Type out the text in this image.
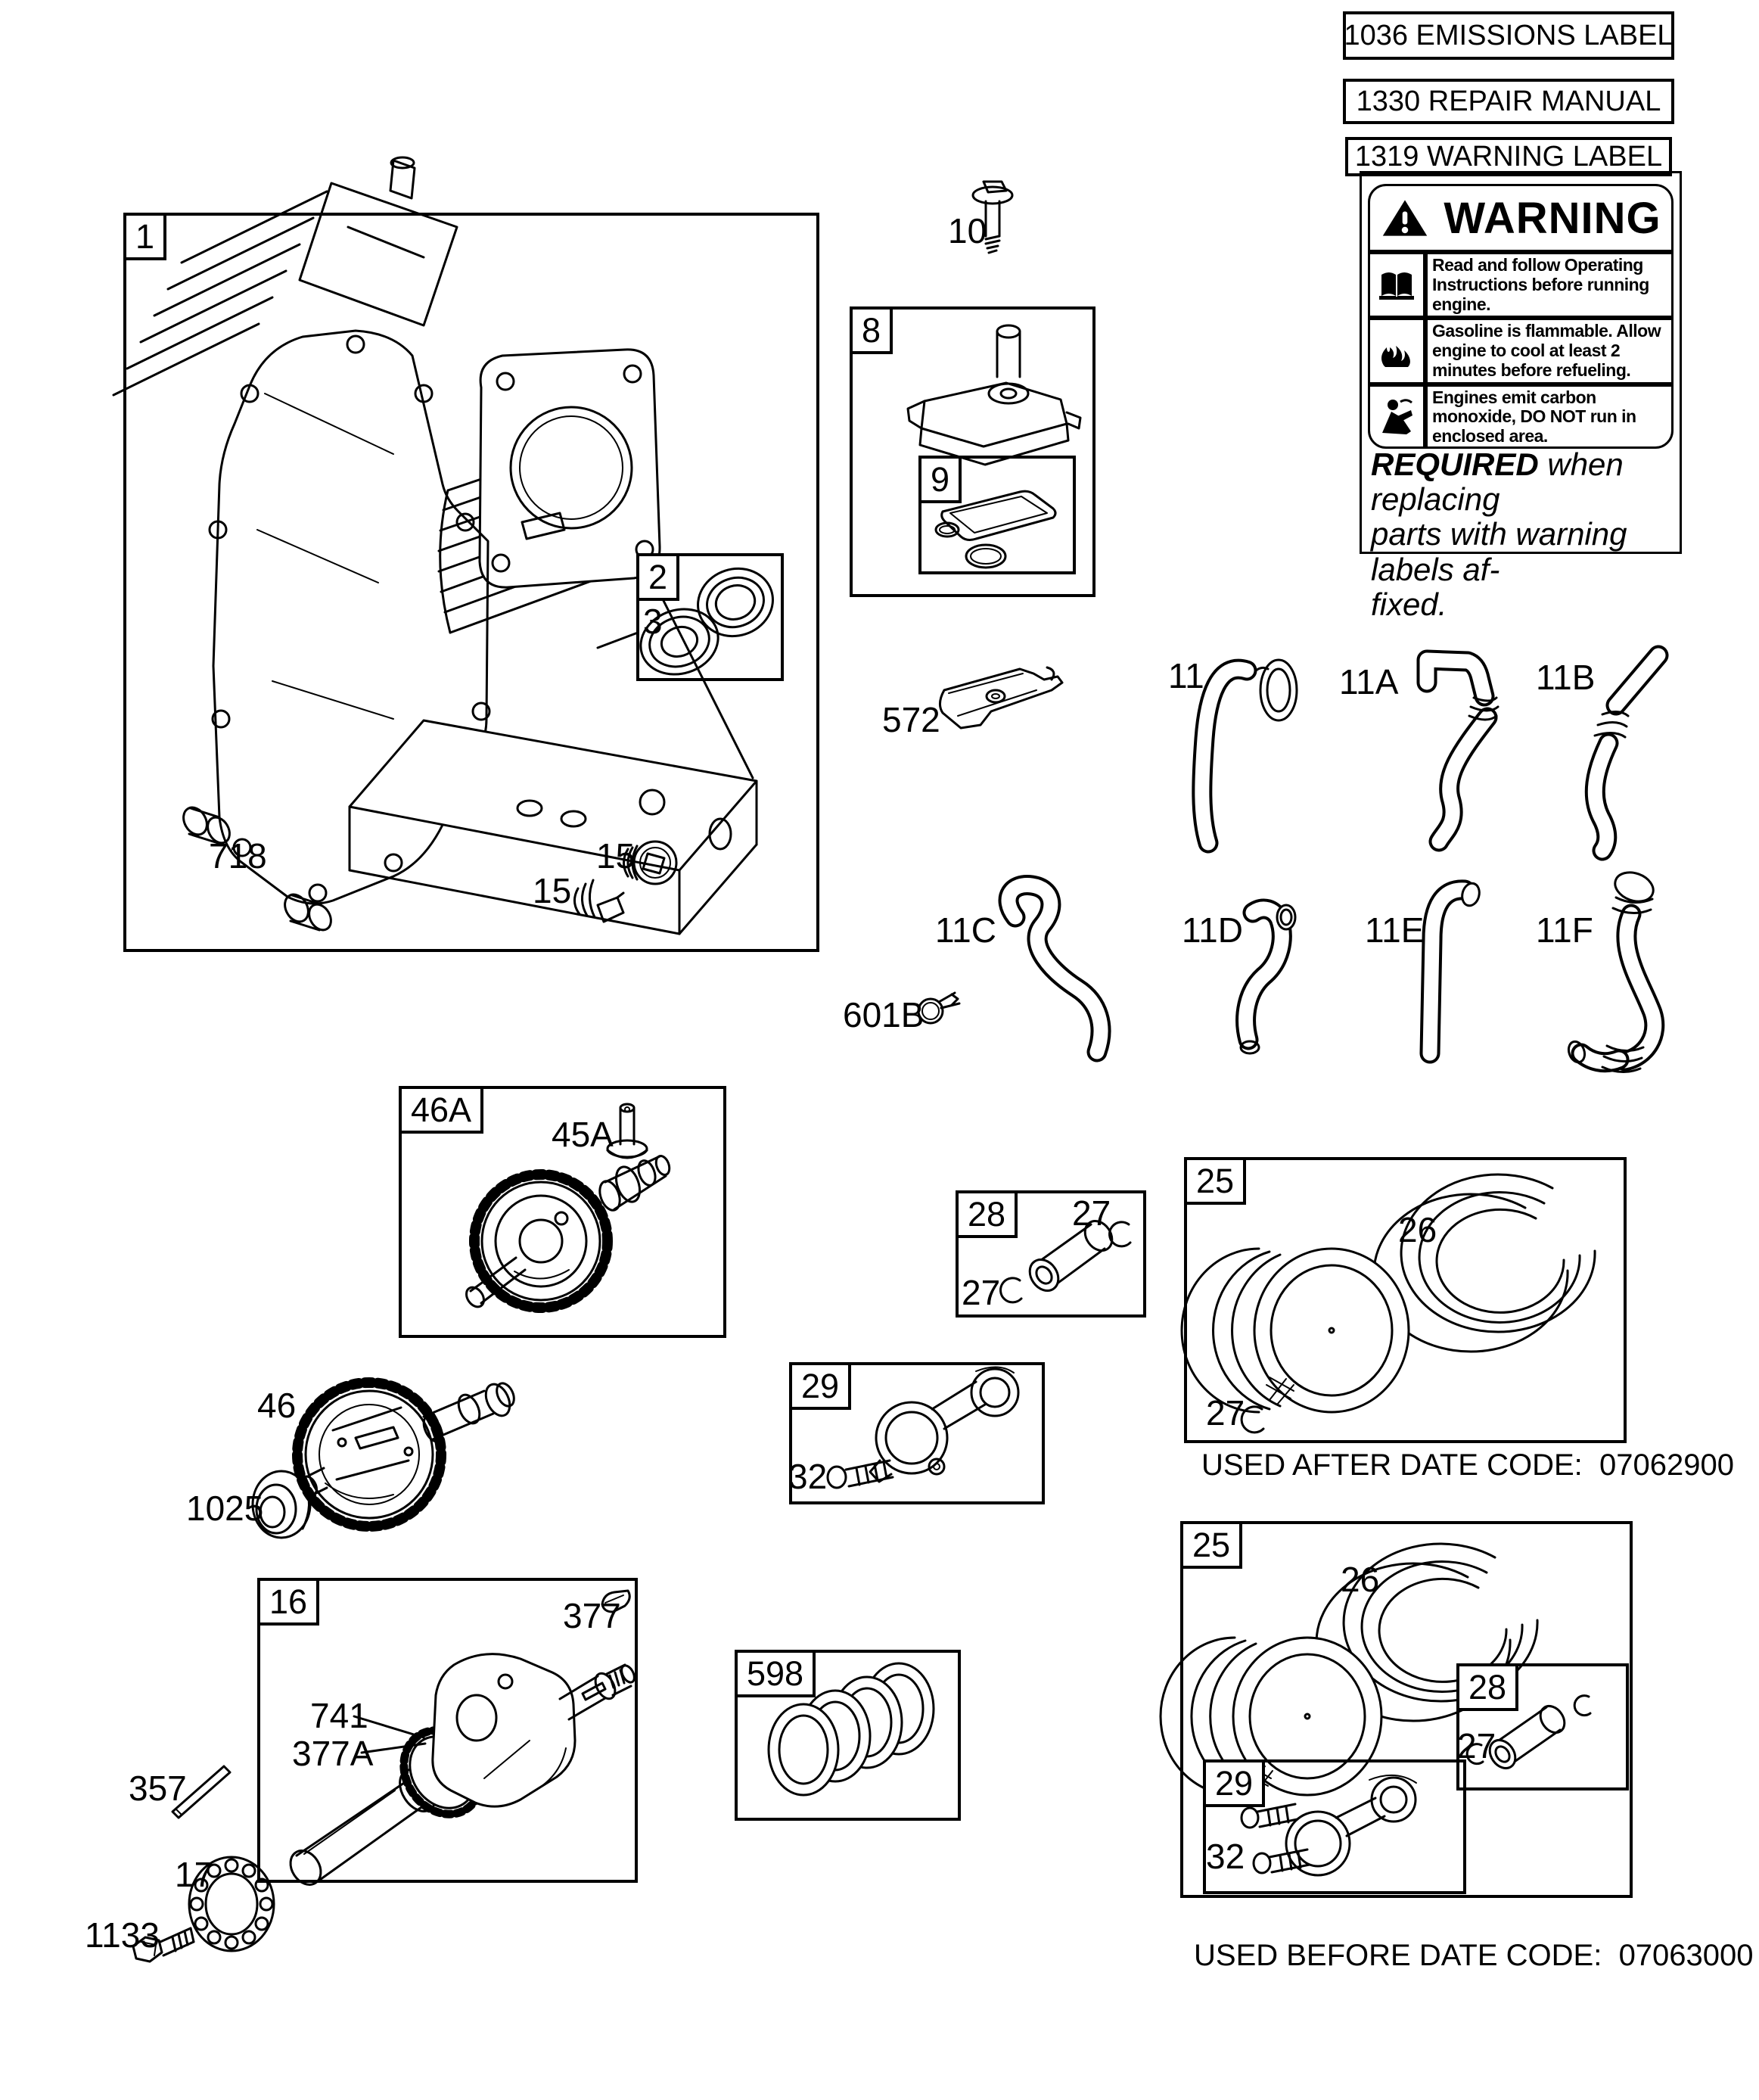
1
2
8
9
46A
16
598
28
29
25
25
28
29
10
3
572
718	15
15
11	11A	11B
11C	11D	11E	11F
601B
45A
46
1025
377
741
377A
357
17
1133
26
27
26
27
27
27
32
32
USED AFTER DATE CODE:  07062900
USED BEFORE DATE CODE:  07063000
1036 EMISSIONS LABEL
1330 REPAIR MANUAL
1319 WARNING LABEL
WARNING
Read and follow Operating Instructions before running engine.
Gasoline is flammable. Allow engine to cool at least 2 minutes before refueling.
Engines emit carbon monoxide, DO NOT run in enclosed area.
REQUIRED when replacing
parts with warning labels af-
fixed.
